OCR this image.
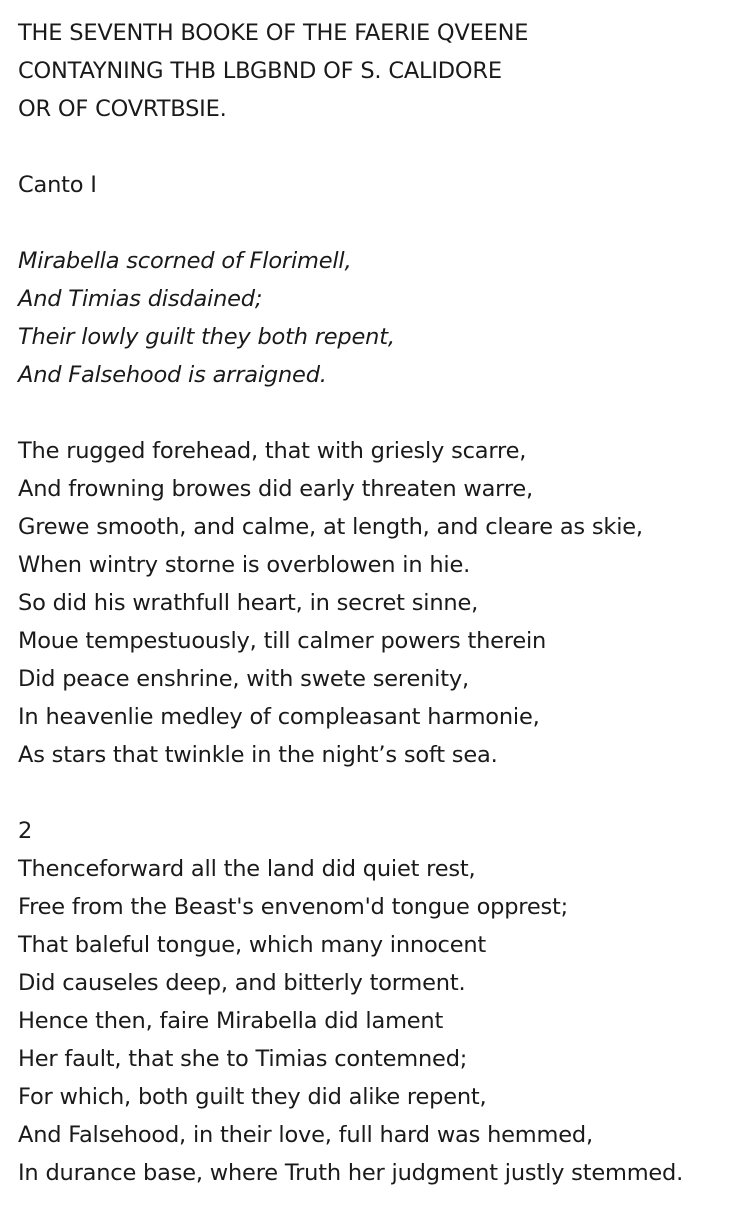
THE SEVENTH BOOKE OF THE FAERIE QVEENE
CONTAYNING THB LBGBND OF S. CALIDORE
OR OF COVRTBSIE.
Canto I
Mirabella scorned of Florimell,
And Timias disdained;
Their lowly guilt they both repent,
And Falsehood is arraigned.
The rugged forehead, that with griesly scarre,
And frowning browes did early threaten warre,
Grewe smooth, and calme, at length, and cleare as skie,
When wintry storne is overblowen in hie.
So did his wrathfull heart, in secret sinne,
Moue tempestuously, till calmer powers therein
Did peace enshrine, with swete serenity,
In heavenlie medley of compleasant harmonie,
As stars that twinkle in the night’s soft sea.
2
Thenceforward all the land did quiet rest,
Free from the Beast's envenom'd tongue opprest;
That baleful tongue, which many innocent
Did causeles deep, and bitterly torment.
Hence then, faire Mirabella did lament
Her fault, that she to Timias contemned;
For which, both guilt they did alike repent,
And Falsehood, in their love, full hard was hemmed,
In durance base, where Truth her judgment justly stemmed.
